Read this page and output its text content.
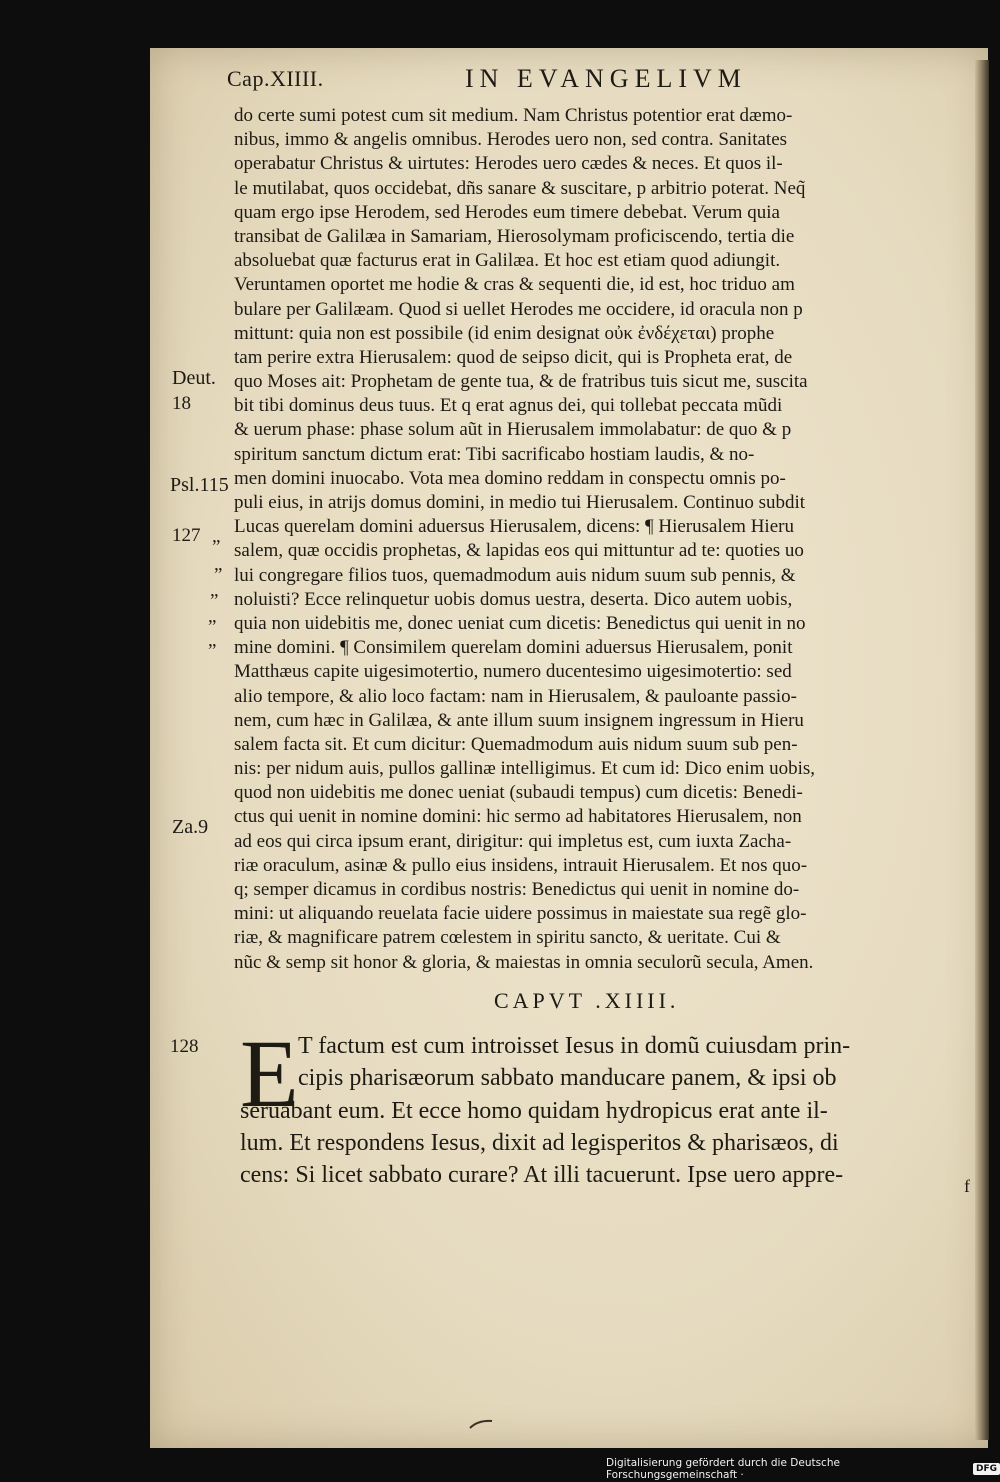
Cap.XIIII.	IN EVANGELIVM
do certe sumi potest cum sit medium. Nam Christus potentior erat dæmo-
nibus, immo & angelis omnibus. Herodes uero non, sed contra. Sanitates
operabatur Christus & uirtutes: Herodes uero cædes & neces. Et quos il-
le mutilabat, quos occidebat, dñs sanare & suscitare, p arbitrio poterat. Neq̃
quam ergo ipse Herodem, sed Herodes eum timere debebat. Verum quia
transibat de Galilæa in Samariam, Hierosolymam proficiscendo, tertia die
absoluebat quæ facturus erat in Galilæa. Et hoc est etiam quod adiungit.
Veruntamen oportet me hodie & cras & sequenti die, id est, hoc triduo am
bulare per Galilæam. Quod si uellet Herodes me occidere, id oracula non p
mittunt: quia non est possibile (id enim designat οὐκ ἐνδέχεται) prophe
tam perire extra Hierusalem: quod de seipso dicit, qui is Propheta erat, de
quo Moses ait: Prophetam de gente tua, & de fratribus tuis sicut me, suscita
bit tibi dominus deus tuus. Et q erat agnus dei, qui tollebat peccata mũdi
& uerum phase: phase solum aũt in Hierusalem immolabatur: de quo & p
spiritum sanctum dictum erat: Tibi sacrificabo hostiam laudis, & no-
men domini inuocabo. Vota mea domino reddam in conspectu omnis po-
puli eius, in atrijs domus domini, in medio tui Hierusalem. Continuo subdit
Lucas querelam domini aduersus Hierusalem, dicens: ¶ Hierusalem Hieru
salem, quæ occidis prophetas, & lapidas eos qui mittuntur ad te: quoties uo
lui congregare filios tuos, quemadmodum auis nidum suum sub pennis, &
noluisti? Ecce relinquetur uobis domus uestra, deserta. Dico autem uobis,
quia non uidebitis me, donec ueniat cum dicetis: Benedictus qui uenit in no
mine domini. ¶ Consimilem querelam domini aduersus Hierusalem, ponit
Matthæus capite uigesimotertio, numero ducentesimo uigesimotertio: sed
alio tempore, & alio loco factam: nam in Hierusalem, & pauloante passio-
nem, cum hæc in Galilæa, & ante illum suum insignem ingressum in Hieru
salem facta sit. Et cum dicitur: Quemadmodum auis nidum suum sub pen-
nis: per nidum auis, pullos gallinæ intelligimus. Et cum id: Dico enim uobis,
quod non uidebitis me donec ueniat (subaudi tempus) cum dicetis: Benedi-
ctus qui uenit in nomine domini: hic sermo ad habitatores Hierusalem, non
ad eos qui circa ipsum erant, dirigitur: qui impletus est, cum iuxta Zacha-
riæ oraculum, asinæ & pullo eius insidens, intrauit Hierusalem. Et nos quo-
q; semper dicamus in cordibus nostris: Benedictus qui uenit in nomine do-
mini: ut aliquando reuelata facie uidere possimus in maiestate sua regẽ glo-
riæ, & magnificare patrem cœlestem in spiritu sancto, & ueritate. Cui &
nũc & semp sit honor & gloria, & maiestas in omnia seculorũ secula, Amen.
Deut.
18
Psl.115
127 „
„
„
„
„
Za.9
128
CAPVT .XIIII.
E T factum est cum introisset Iesus in domũ cuiusdam prin-
cipis pharisæorum sabbato manducare panem, & ipsi ob
seruabant eum. Et ecce homo quidam hydropicus erat ante il-
lum. Et respondens Iesus, dixit ad legisperitos & pharisæos, di
cens: Si licet sabbato curare? At illi tacuerunt. Ipse uero appre-	f
Digitalisierung gefördert durch die Deutsche Forschungsgemeinschaft ·	DFG
